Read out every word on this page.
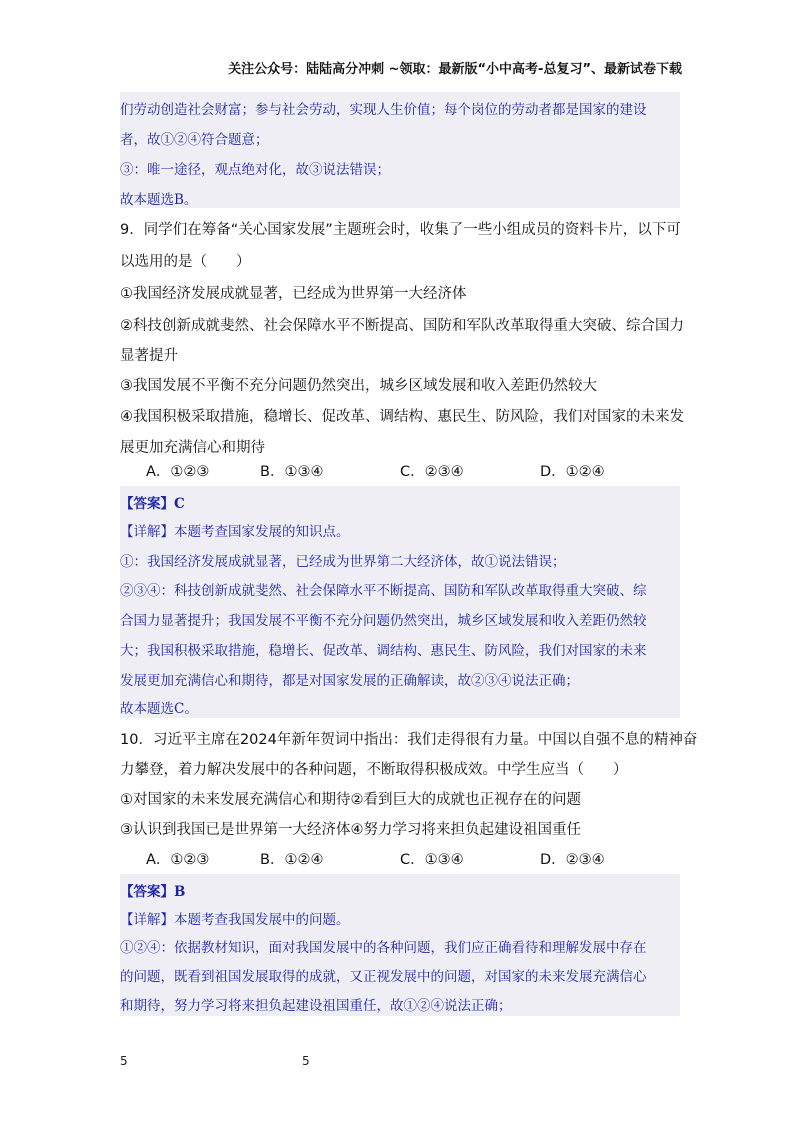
关注公众号：陆陆高分冲刺 ~领取：最新版“小中高考-总复习”、最新试卷下载
们劳动创造社会财富；参与社会劳动，实现人生价值；每个岗位的劳动者都是国家的建设
者，故①②④符合题意；
③：唯一途径，观点绝对化，故③说法错误；
故本题选B。
9．同学们在筹备“关心国家发展”主题班会时，收集了一些小组成员的资料卡片，以下可
以选用的是（　　）
①我国经济发展成就显著，已经成为世界第一大经济体
②科技创新成就斐然、社会保障水平不断提高、国防和军队改革取得重大突破、综合国力
显著提升
③我国发展不平衡不充分问题仍然突出，城乡区域发展和收入差距仍然较大
④我国积极采取措施，稳增长、促改革、调结构、惠民生、防风险，我们对国家的未来发
展更加充满信心和期待
A．①②③	B．①③④	C．②③④	D．①②④
【答案】C
【详解】本题考查国家发展的知识点。
①：我国经济发展成就显著，已经成为世界第二大经济体，故①说法错误；
②③④：科技创新成就斐然、社会保障水平不断提高、国防和军队改革取得重大突破、综
合国力显著提升；我国发展不平衡不充分问题仍然突出，城乡区域发展和收入差距仍然较
大；我国积极采取措施，稳增长、促改革、调结构、惠民生、防风险，我们对国家的未来
发展更加充满信心和期待，都是对国家发展的正确解读，故②③④说法正确；
故本题选C。
10．习近平主席在2024年新年贺词中指出：我们走得很有力量。中国以自强不息的精神奋
力攀登，着力解决发展中的各种问题，不断取得积极成效。中学生应当（　　）
①对国家的未来发展充满信心和期待②看到巨大的成就也正视存在的问题
③认识到我国已是世界第一大经济体④努力学习将来担负起建设祖国重任
A．①②③	B．①②④	C．①③④	D．②③④
【答案】B
【详解】本题考查我国发展中的问题。
①②④：依据教材知识，面对我国发展中的各种问题，我们应正确看待和理解发展中存在
的问题，既看到祖国发展取得的成就，又正视发展中的问题，对国家的未来发展充满信心
和期待，努力学习将来担负起建设祖国重任，故①②④说法正确；
5	5
